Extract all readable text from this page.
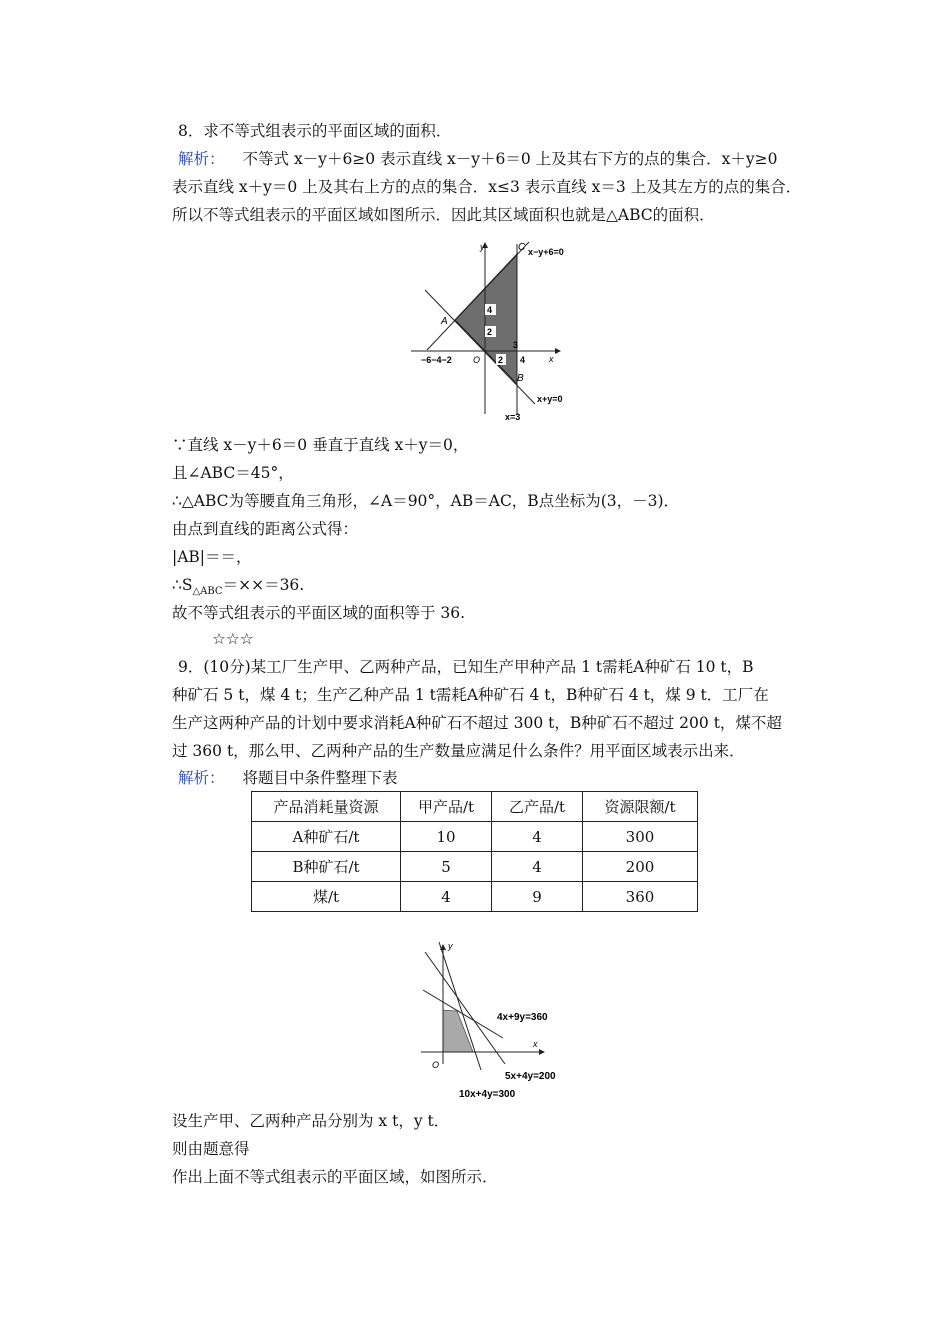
8．求不等式组表示的平面区域的面积．
解析： 不等式 x－y＋6≥0 表示直线 x－y＋6＝0 上及其右下方的点的集合．x＋y≥0
表示直线 x＋y＝0 上及其右上方的点的集合．x≤3 表示直线 x＝3 上及其左方的点的集合．
所以不等式组表示的平面区域如图所示．因此其区域面积也就是△ABC的面积．
y
x
C x−y+6=0
A
B
x+y=0
x=3
O
−6−4−2	2
3
4
4
2
∵直线 x－y＋6＝0 垂直于直线 x＋y＝0，
且∠ABC＝45°，
∴△ABC为等腰直角三角形，∠A＝90°，AB＝AC，B点坐标为(3，－3)．
由点到直线的距离公式得：
|AB|＝＝，
$\therefore S_{\triangle ABC}=\times\times=36$.
故不等式组表示的平面区域的面积等于 36.
☆☆☆
9．(10分)某工厂生产甲、乙两种产品，已知生产甲种产品 1 t需耗A种矿石 10 t，B
种矿石 5 t，煤 4 t；生产乙种产品 1 t需耗A种矿石 4 t，B种矿石 4 t，煤 9 t．工厂在
生产这两种产品的计划中要求消耗A种矿石不超过 300 t，B种矿石不超过 200 t，煤不超
过 360 t，那么甲、乙两种产品的生产数量应满足什么条件？用平面区域表示出来．
解析： 将题目中条件整理下表
产品消耗量资源	甲产品/t	乙产品/t	资源限额/t
A种矿石/t	10	4	300
B种矿石/t	5	4	200
煤/t	4	9	360
y
x
O
4x+9y=360
5x+4y=200
10x+4y=300
设生产甲、乙两种产品分别为 x t，y t．
则由题意得
作出上面不等式组表示的平面区域，如图所示．
